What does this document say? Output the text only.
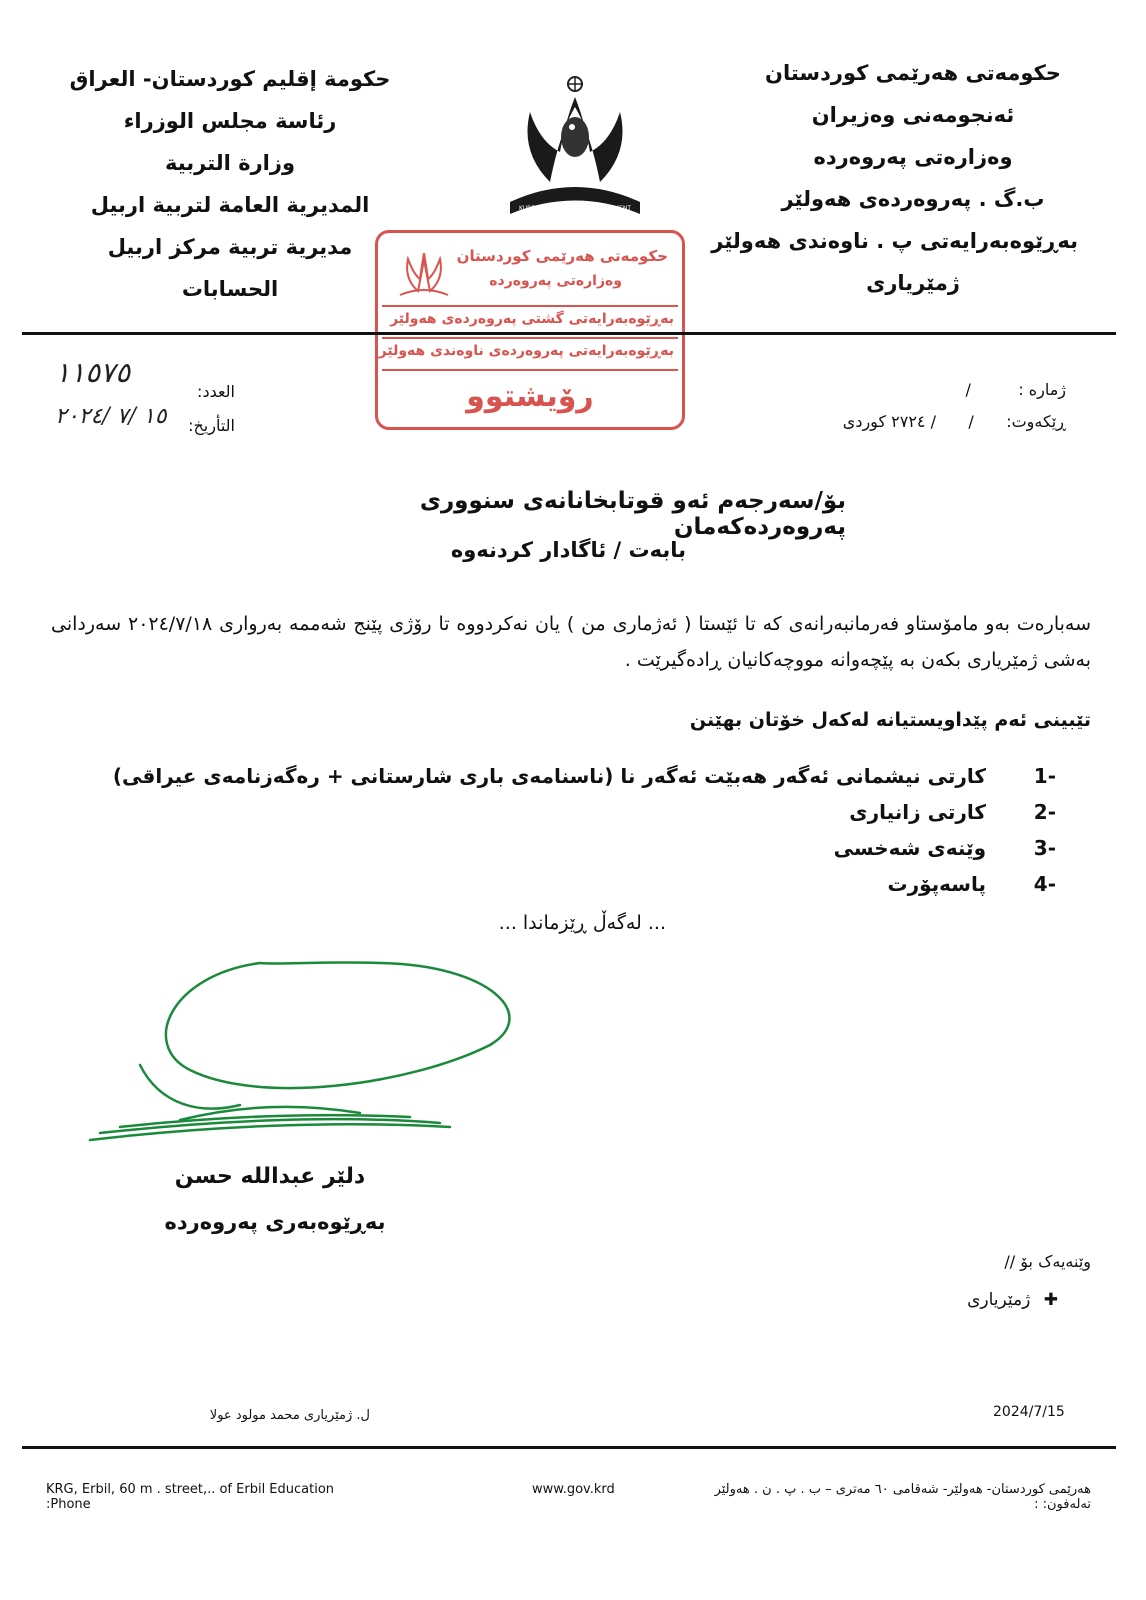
حکومەتی هەرێمی کوردستان
ئەنجومەنی وەزیران
وەزارەتی پەروەردە
ب.گ . پەروەردەی هەولێر
بەڕێوەبەرایەتی پ . ناوەندی هەولێر
ژمێریاری
حكومة إقليم كوردستان- العراق
رئاسة مجلس الوزراء
وزارة التربية
المديرية العامة لتربية اربيل
مديرية تربية مركز اربيل
الحسابات
KURDISTAN REGIONAL GOVERNMENT
حکومەتی هەرێمی کوردستان
وەزارەتی پەروەردە
بەڕێوەبەرایەتی گشتی پەروەردەی هەولێر
بەڕێوەبەرایەتی پەروەردەی ناوەندی هەولێر
رۆیشتوو	ژمارە : /
ڕێکەوت: / / ٢٧٢٤ کوردی
العدد:
١١٥٧٥
التأريخ:
١٥ /٧ /٢٠٢٤
بۆ/سەرجەم ئەو قوتابخانانەی سنووری پەروەردەکەمان
بابەت / ئاگادار کردنەوە
سەبارەت بەو مامۆستاو فەرمانبەرانەی کە تا ئێستا ( ئەژماری من ) یان نەکردووە تا رۆژی پێنج شەممە بەرواری ٢٠٢٤/٧/١٨ سەردانی بەشی ژمێریاری بکەن بە پێچەوانە مووچەکانیان ڕادەگیرێت .
تێبینی ئەم پێداویستیانە لەکەل خۆتان بهێنن
-1
کارتی نیشمانی ئەگەر هەبێت ئەگەر نا (ناسنامەی باری شارستانی + رەگەزنامەی عیراقی)
-2
کارتی زانیاری
-3
وێنەی شەخسی
-4
پاسەپۆرت
... لەگەڵ ڕێزماندا ...
دلێر عبدالله حسن
بەڕێوەبەری پەروەردە
وێنەیەک بۆ //
✚ ژمێریاری
2024/7/15
ل. ژمێریاری محمد مولود عولا
KRG, Erbil, 60 m . street,.. of Erbil Education
:Phone
www.gov.krd	هەرێمی کوردستان- هەولێر- شەقامی ٦٠ مەتری – ب . پ . ن . هەولێر
تەلەفون: :
